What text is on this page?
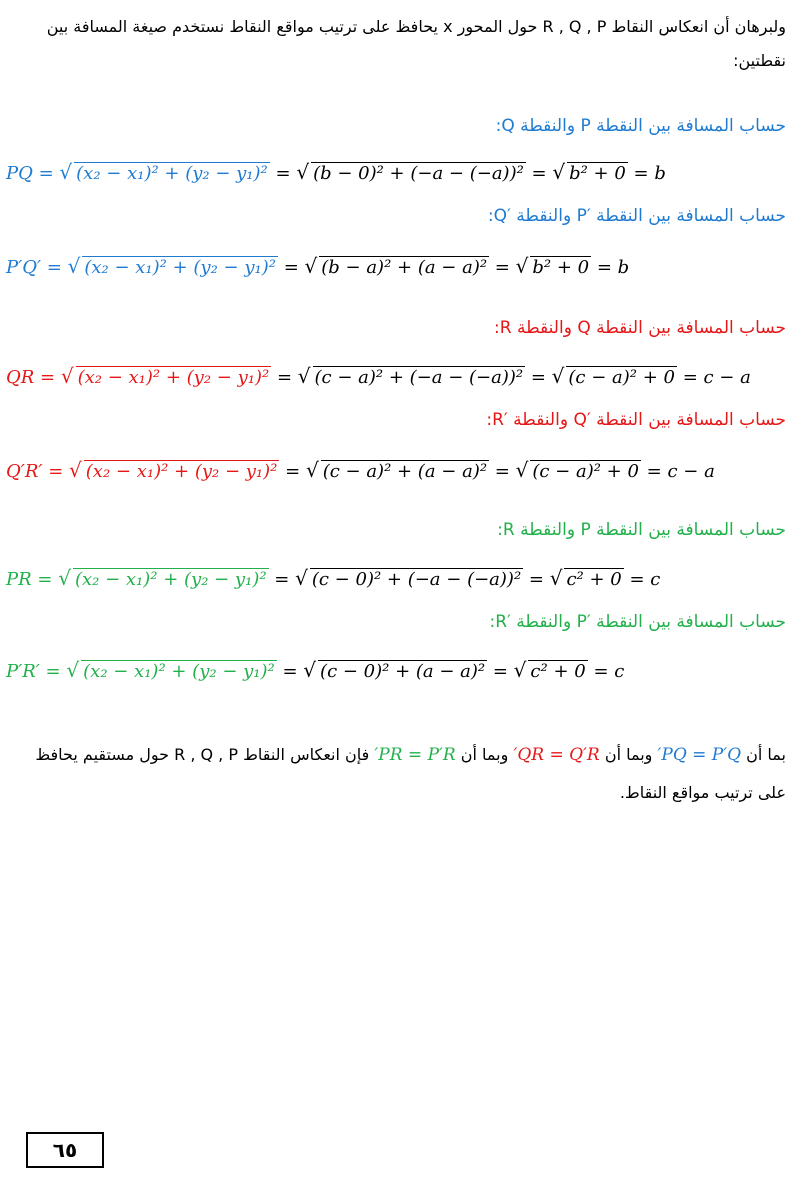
ولبرهان أن انعكاس النقاط R , Q , P حول المحور x يحافظ على ترتيب مواقع النقاط نستخدم صيغة المسافة بين نقطتين:
حساب المسافة بين النقطة P والنقطة Q:
PQ = √ (x₂ − x₁)² + (y₂ − y₁)² = √ (b − 0)² + (−a − (−a))² = √ b² + 0 = b
حساب المسافة بين النقطة ′P والنقطة ′Q:
P′Q′ = √ (x₂ − x₁)² + (y₂ − y₁)² = √ (b − a)² + (a − a)² = √ b² + 0 = b
حساب المسافة بين النقطة Q والنقطة R:
QR = √ (x₂ − x₁)² + (y₂ − y₁)² = √ (c − a)² + (−a − (−a))² = √ (c − a)² + 0 = c − a
حساب المسافة بين النقطة ′Q والنقطة ′R:
Q′R′ = √ (x₂ − x₁)² + (y₂ − y₁)² = √ (c − a)² + (a − a)² = √ (c − a)² + 0 = c − a
حساب المسافة بين النقطة P والنقطة R:
PR = √ (x₂ − x₁)² + (y₂ − y₁)² = √ (c − 0)² + (−a − (−a))² = √ c² + 0 = c
حساب المسافة بين النقطة ′P والنقطة ′R:
P′R′ = √ (x₂ − x₁)² + (y₂ − y₁)² = √ (c − 0)² + (a − a)² = √ c² + 0 = c
بما أن PQ = P′Q′ وبما أن QR = Q′R′ وبما أن PR = P′R′ فإن انعكاس النقاط R , Q , P حول مستقيم يحافظ على ترتيب مواقع النقاط.
٦٥
